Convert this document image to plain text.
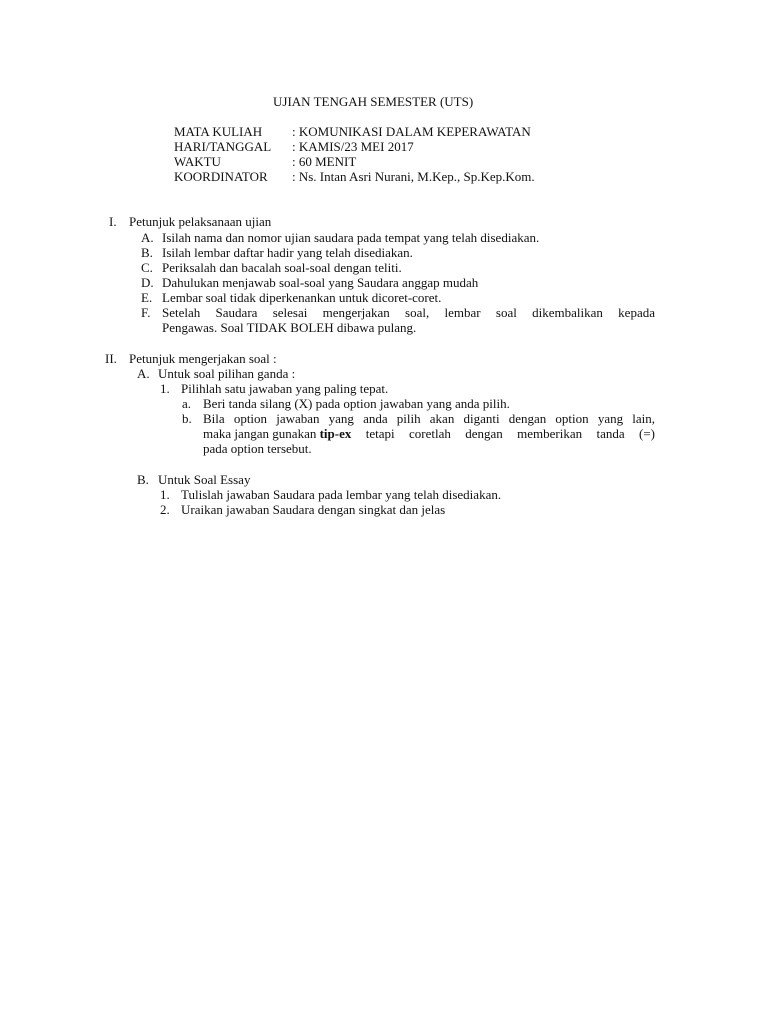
UJIAN TENGAH SEMESTER (UTS)
MATA KULIAH : KOMUNIKASI DALAM KEPERAWATAN
HARI/TANGGAL : KAMIS/23 MEI 2017
WAKTU	: 60 MENIT
KOORDINATOR : Ns. Intan Asri Nurani, M.Kep., Sp.Kep.Kom.
I. Petunjuk pelaksanaan ujian
A. Isilah nama dan nomor ujian saudara pada tempat yang telah disediakan.
B. Isilah lembar daftar hadir yang telah disediakan.
C. Periksalah dan bacalah soal-soal dengan teliti.
D. Dahulukan menjawab soal-soal yang Saudara anggap mudah
E. Lembar soal tidak diperkenankan untuk dicoret-coret.
F. Setelah Saudara selesai mengerjakan soal, lembar soal dikembalikan kepada
Pengawas. Soal TIDAK BOLEH dibawa pulang.
II. Petunjuk mengerjakan soal :
A. Untuk soal pilihan ganda :
1. Pilihlah satu jawaban yang paling tepat.
a. Beri tanda silang (X) pada option jawaban yang anda pilih.
b. Bila option jawaban yang anda pilih akan diganti dengan option yang lain,
maka jangan gunakan tip-ex tetapi coretlah dengan memberikan tanda (=)
pada option tersebut.
B. Untuk Soal Essay
1. Tulislah jawaban Saudara pada lembar yang telah disediakan.
2. Uraikan jawaban Saudara dengan singkat dan jelas
